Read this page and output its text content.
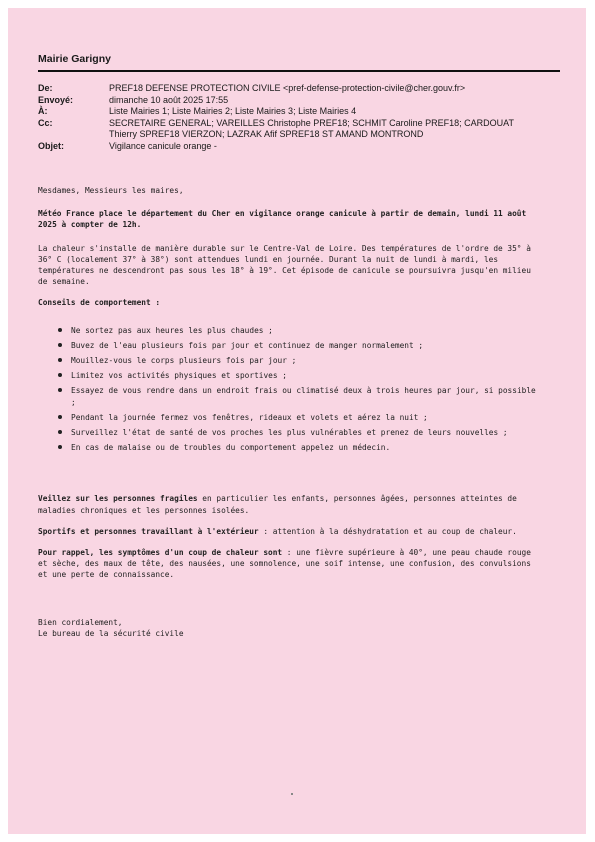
Mairie Garigny
De:	PREF18 DEFENSE PROTECTION CIVILE <pref-defense-protection-civile@cher.gouv.fr>
Envoyé:	dimanche 10 août 2025 17:55
À:	Liste Mairies 1; Liste Mairies 2; Liste Mairies 3; Liste Mairies 4
Cc:	SECRETAIRE GENERAL; VAREILLES Christophe PREF18; SCHMIT Caroline PREF18; CARDOUAT
Thierry SPREF18 VIERZON; LAZRAK Afif SPREF18 ST AMAND MONTROND
Objet:	Vigilance canicule orange -

Mesdames, Messieurs les maires,

Météo France place le département du Cher en vigilance orange canicule à partir de demain, lundi 11 août 2025 à compter de 12h.

La chaleur s'installe de manière durable sur le Centre-Val de Loire. Des températures de l'ordre de 35° à 36° C (localement 37° à 38°) sont attendues lundi en journée. Durant la nuit de lundi à mardi, les températures ne descendront pas sous les 18° à 19°. Cet épisode de canicule se poursuivra jusqu'en milieu de semaine.

Conseils de comportement :

Ne sortez pas aux heures les plus chaudes ;
Buvez de l'eau plusieurs fois par jour et continuez de manger normalement ;
Mouillez-vous le corps plusieurs fois par jour ;
Limitez vos activités physiques et sportives ;
Essayez de vous rendre dans un endroit frais ou climatisé deux à trois heures par jour, si possible ;
Pendant la journée fermez vos fenêtres, rideaux et volets et aérez la nuit ;
Surveillez l'état de santé de vos proches les plus vulnérables et prenez de leurs nouvelles ;
En cas de malaise ou de troubles du comportement appelez un médecin.

Veillez sur les personnes fragiles en particulier les enfants, personnes âgées, personnes atteintes de maladies chroniques et les personnes isolées.

Sportifs et personnes travaillant à l'extérieur : attention à la déshydratation et au coup de chaleur.

Pour rappel, les symptômes d'un coup de chaleur sont : une fièvre supérieure à 40°, une peau chaude rouge et sèche, des maux de tête, des nausées, une somnolence, une soif intense, une confusion, des convulsions et une perte de connaissance.

Bien cordialement,

Le bureau de la sécurité civile
